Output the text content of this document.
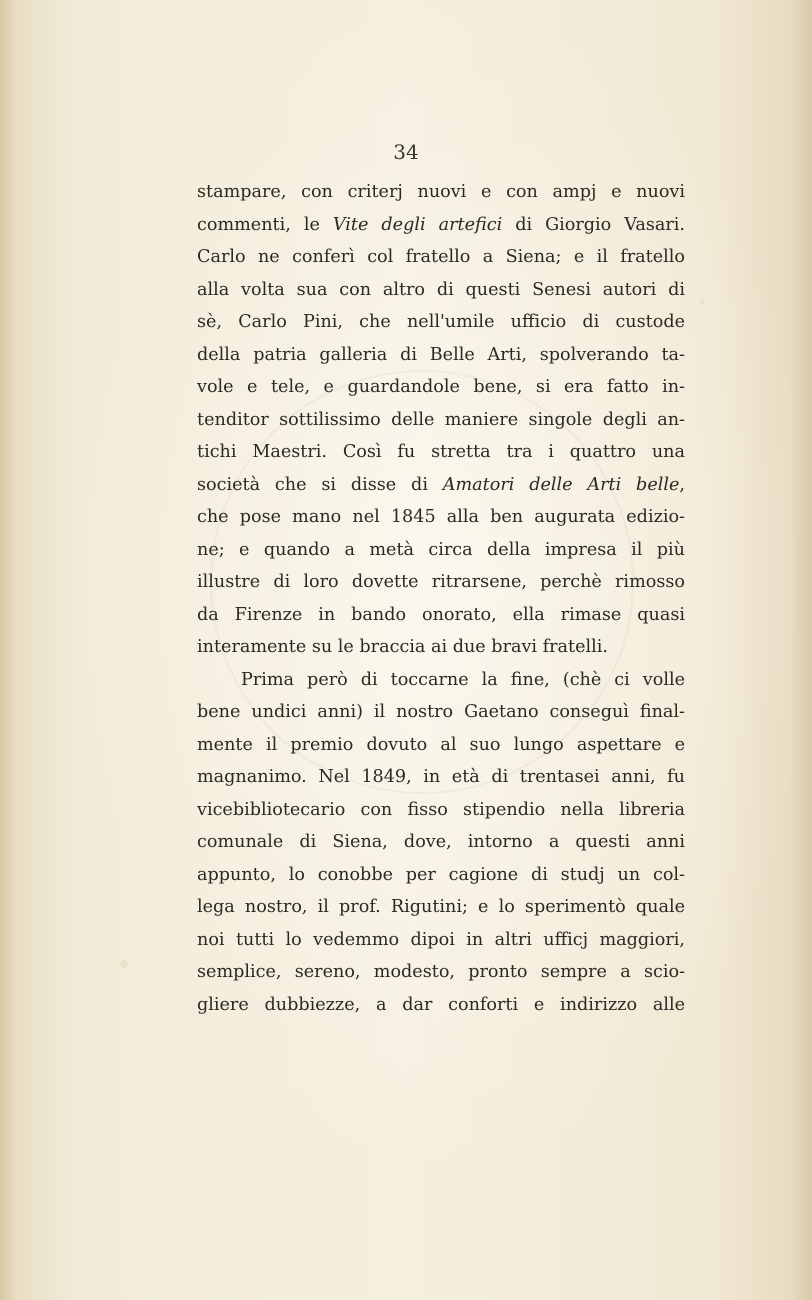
34
stampare, con criterj nuovi e con ampj e nuovi
commenti, le Vite degli artefici di Giorgio Vasari.
Carlo ne conferì col fratello a Siena; e il fratello
alla volta sua con altro di questi Senesi autori di
sè, Carlo Pini, che nell'umile ufficio di custode
della patria galleria di Belle Arti, spolverando ta-
vole e tele, e guardandole bene, si era fatto in-
tenditor sottilissimo delle maniere singole degli an-
tichi Maestri. Così fu stretta tra i quattro una
società che si disse di Amatori delle Arti belle,
che pose mano nel 1845 alla ben augurata edizio-
ne; e quando a metà circa della impresa il più
illustre di loro dovette ritrarsene, perchè rimosso
da Firenze in bando onorato, ella rimase quasi
interamente su le braccia ai due bravi fratelli.
Prima però di toccarne la fine, (chè ci volle
bene undici anni) il nostro Gaetano conseguì final-
mente il premio dovuto al suo lungo aspettare e
magnanimo. Nel 1849, in età di trentasei anni, fu
vicebibliotecario con fisso stipendio nella libreria
comunale di Siena, dove, intorno a questi anni
appunto, lo conobbe per cagione di studj un col-
lega nostro, il prof. Rigutini; e lo sperimentò quale
noi tutti lo vedemmo dipoi in altri ufficj maggiori,
semplice, sereno, modesto, pronto sempre a scio-
gliere dubbiezze, a dar conforti e indirizzo alle
